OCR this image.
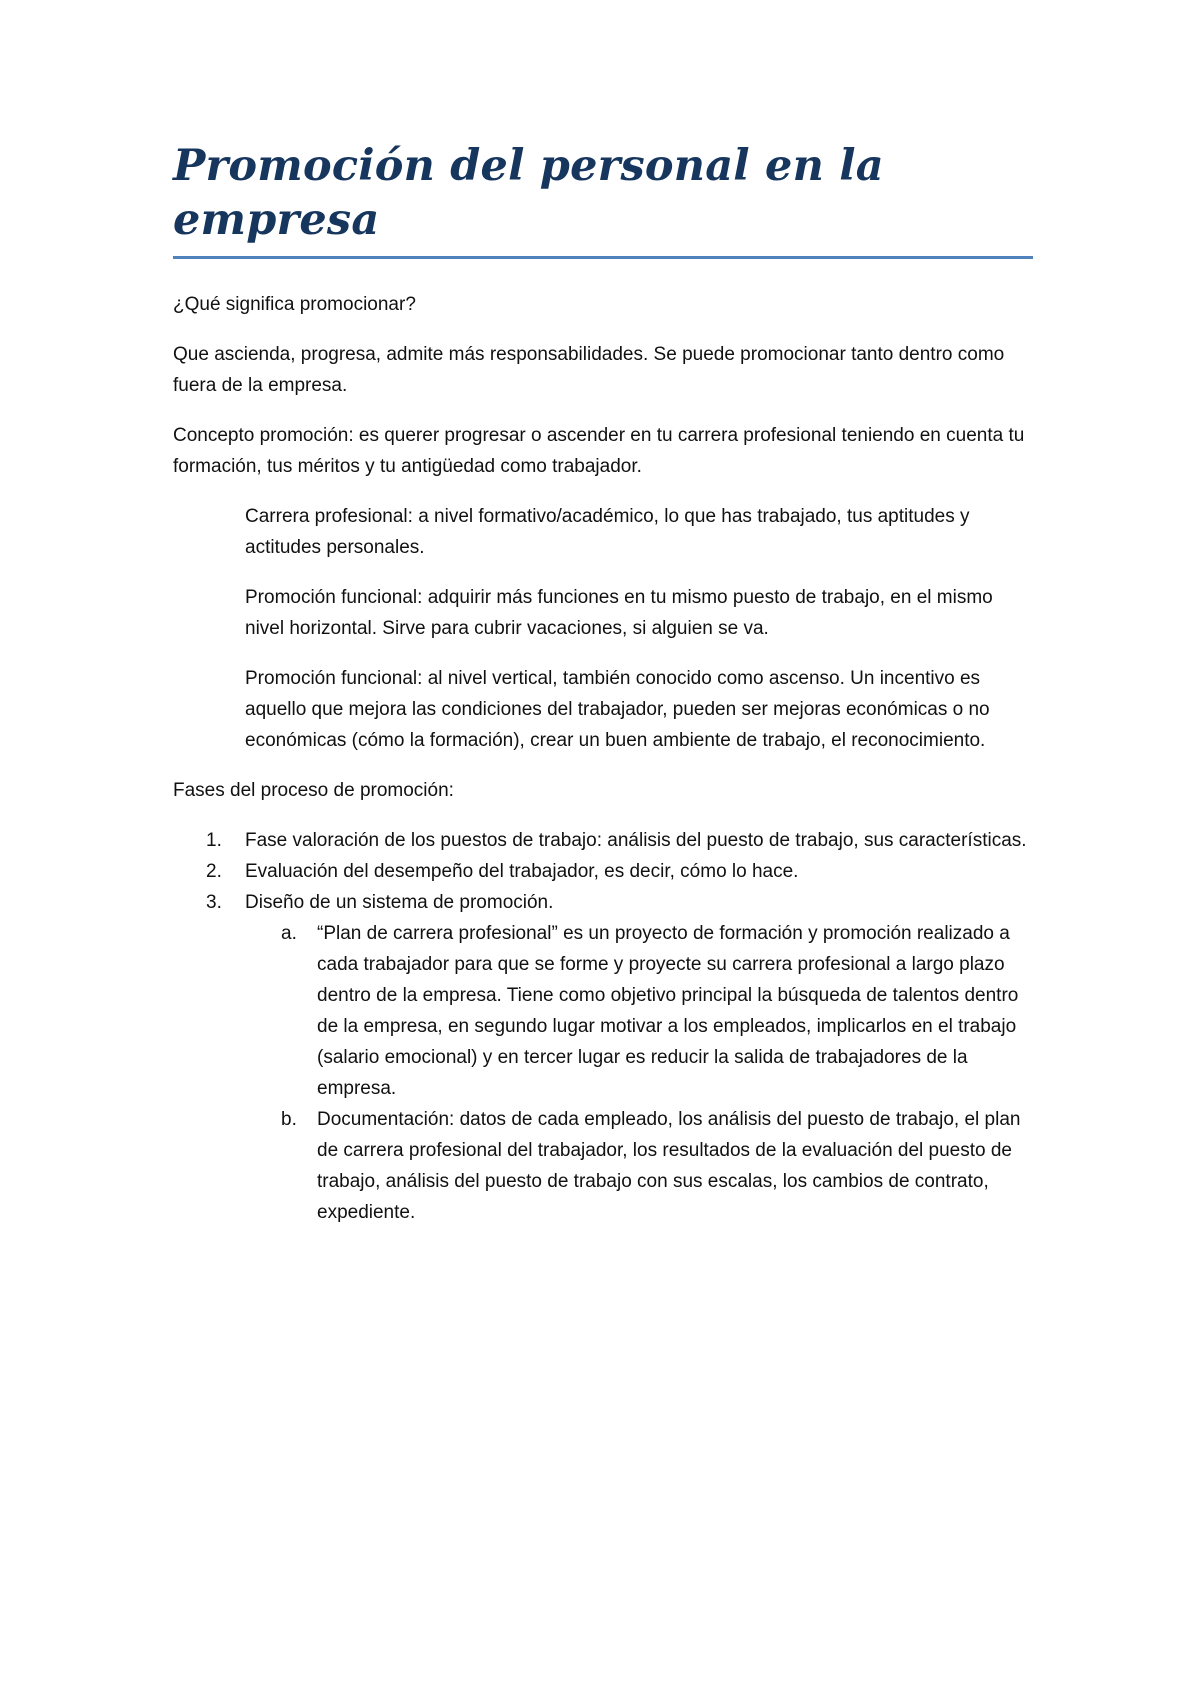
Promoción del personal en la empresa

¿Qué significa promocionar?

Que ascienda, progresa, admite más responsabilidades. Se puede promocionar tanto dentro como fuera de la empresa.

Concepto promoción: es querer progresar o ascender en tu carrera profesional teniendo en cuenta tu formación, tus méritos y tu antigüedad como trabajador.

Carrera profesional: a nivel formativo/académico, lo que has trabajado, tus aptitudes y actitudes personales.

Promoción funcional: adquirir más funciones en tu mismo puesto de trabajo, en el mismo nivel horizontal. Sirve para cubrir vacaciones, si alguien se va.

Promoción funcional: al nivel vertical, también conocido como ascenso. Un incentivo es aquello que mejora las condiciones del trabajador, pueden ser mejoras económicas o no económicas (cómo la formación), crear un buen ambiente de trabajo, el reconocimiento.

Fases del proceso de promoción:

1. Fase valoración de los puestos de trabajo: análisis del puesto de trabajo, sus características.
2. Evaluación del desempeño del trabajador, es decir, cómo lo hace.
3. Diseño de un sistema de promoción.
a. “Plan de carrera profesional” es un proyecto de formación y promoción realizado a cada trabajador para que se forme y proyecte su carrera profesional a largo plazo dentro de la empresa. Tiene como objetivo principal la búsqueda de talentos dentro de la empresa, en segundo lugar motivar a los empleados, implicarlos en el trabajo (salario emocional) y en tercer lugar es reducir la salida de trabajadores de la empresa.
b. Documentación: datos de cada empleado, los análisis del puesto de trabajo, el plan de carrera profesional del trabajador, los resultados de la evaluación del puesto de trabajo, análisis del puesto de trabajo con sus escalas, los cambios de contrato, expediente.
